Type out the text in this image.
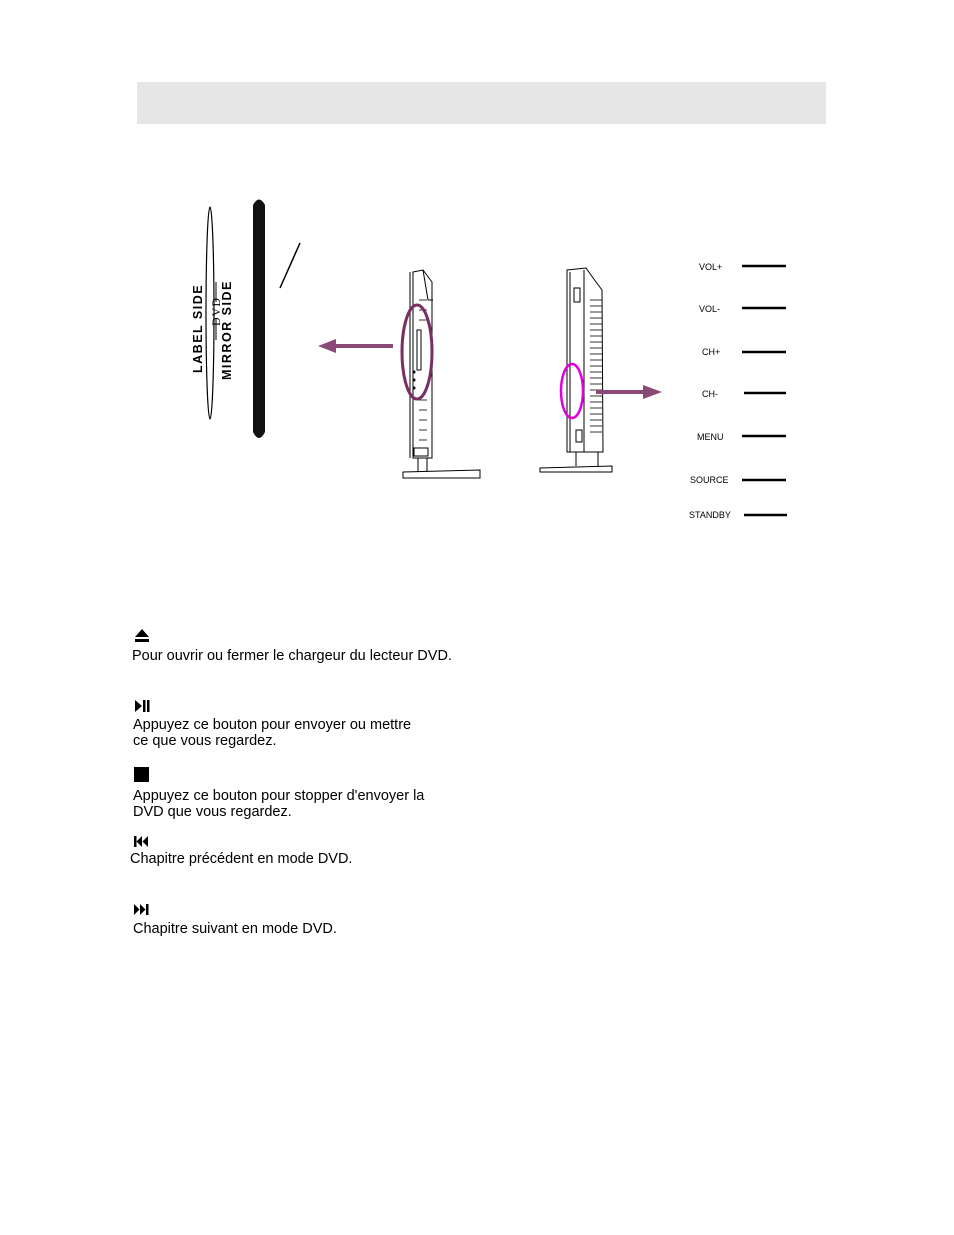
LABEL SIDE DVD
MIRROR SIDE
VOL+
VOL-
CH+
CH-
MENU
SOURCE
STANDBY
Pour ouvrir ou fermer le chargeur du lecteur DVD.
Appuyez ce bouton pour envoyer ou mettre
ce que vous regardez.
Appuyez ce bouton pour stopper d'envoyer la
DVD que vous regardez.
Chapitre précédent en mode DVD.
Chapitre suivant en mode DVD.
